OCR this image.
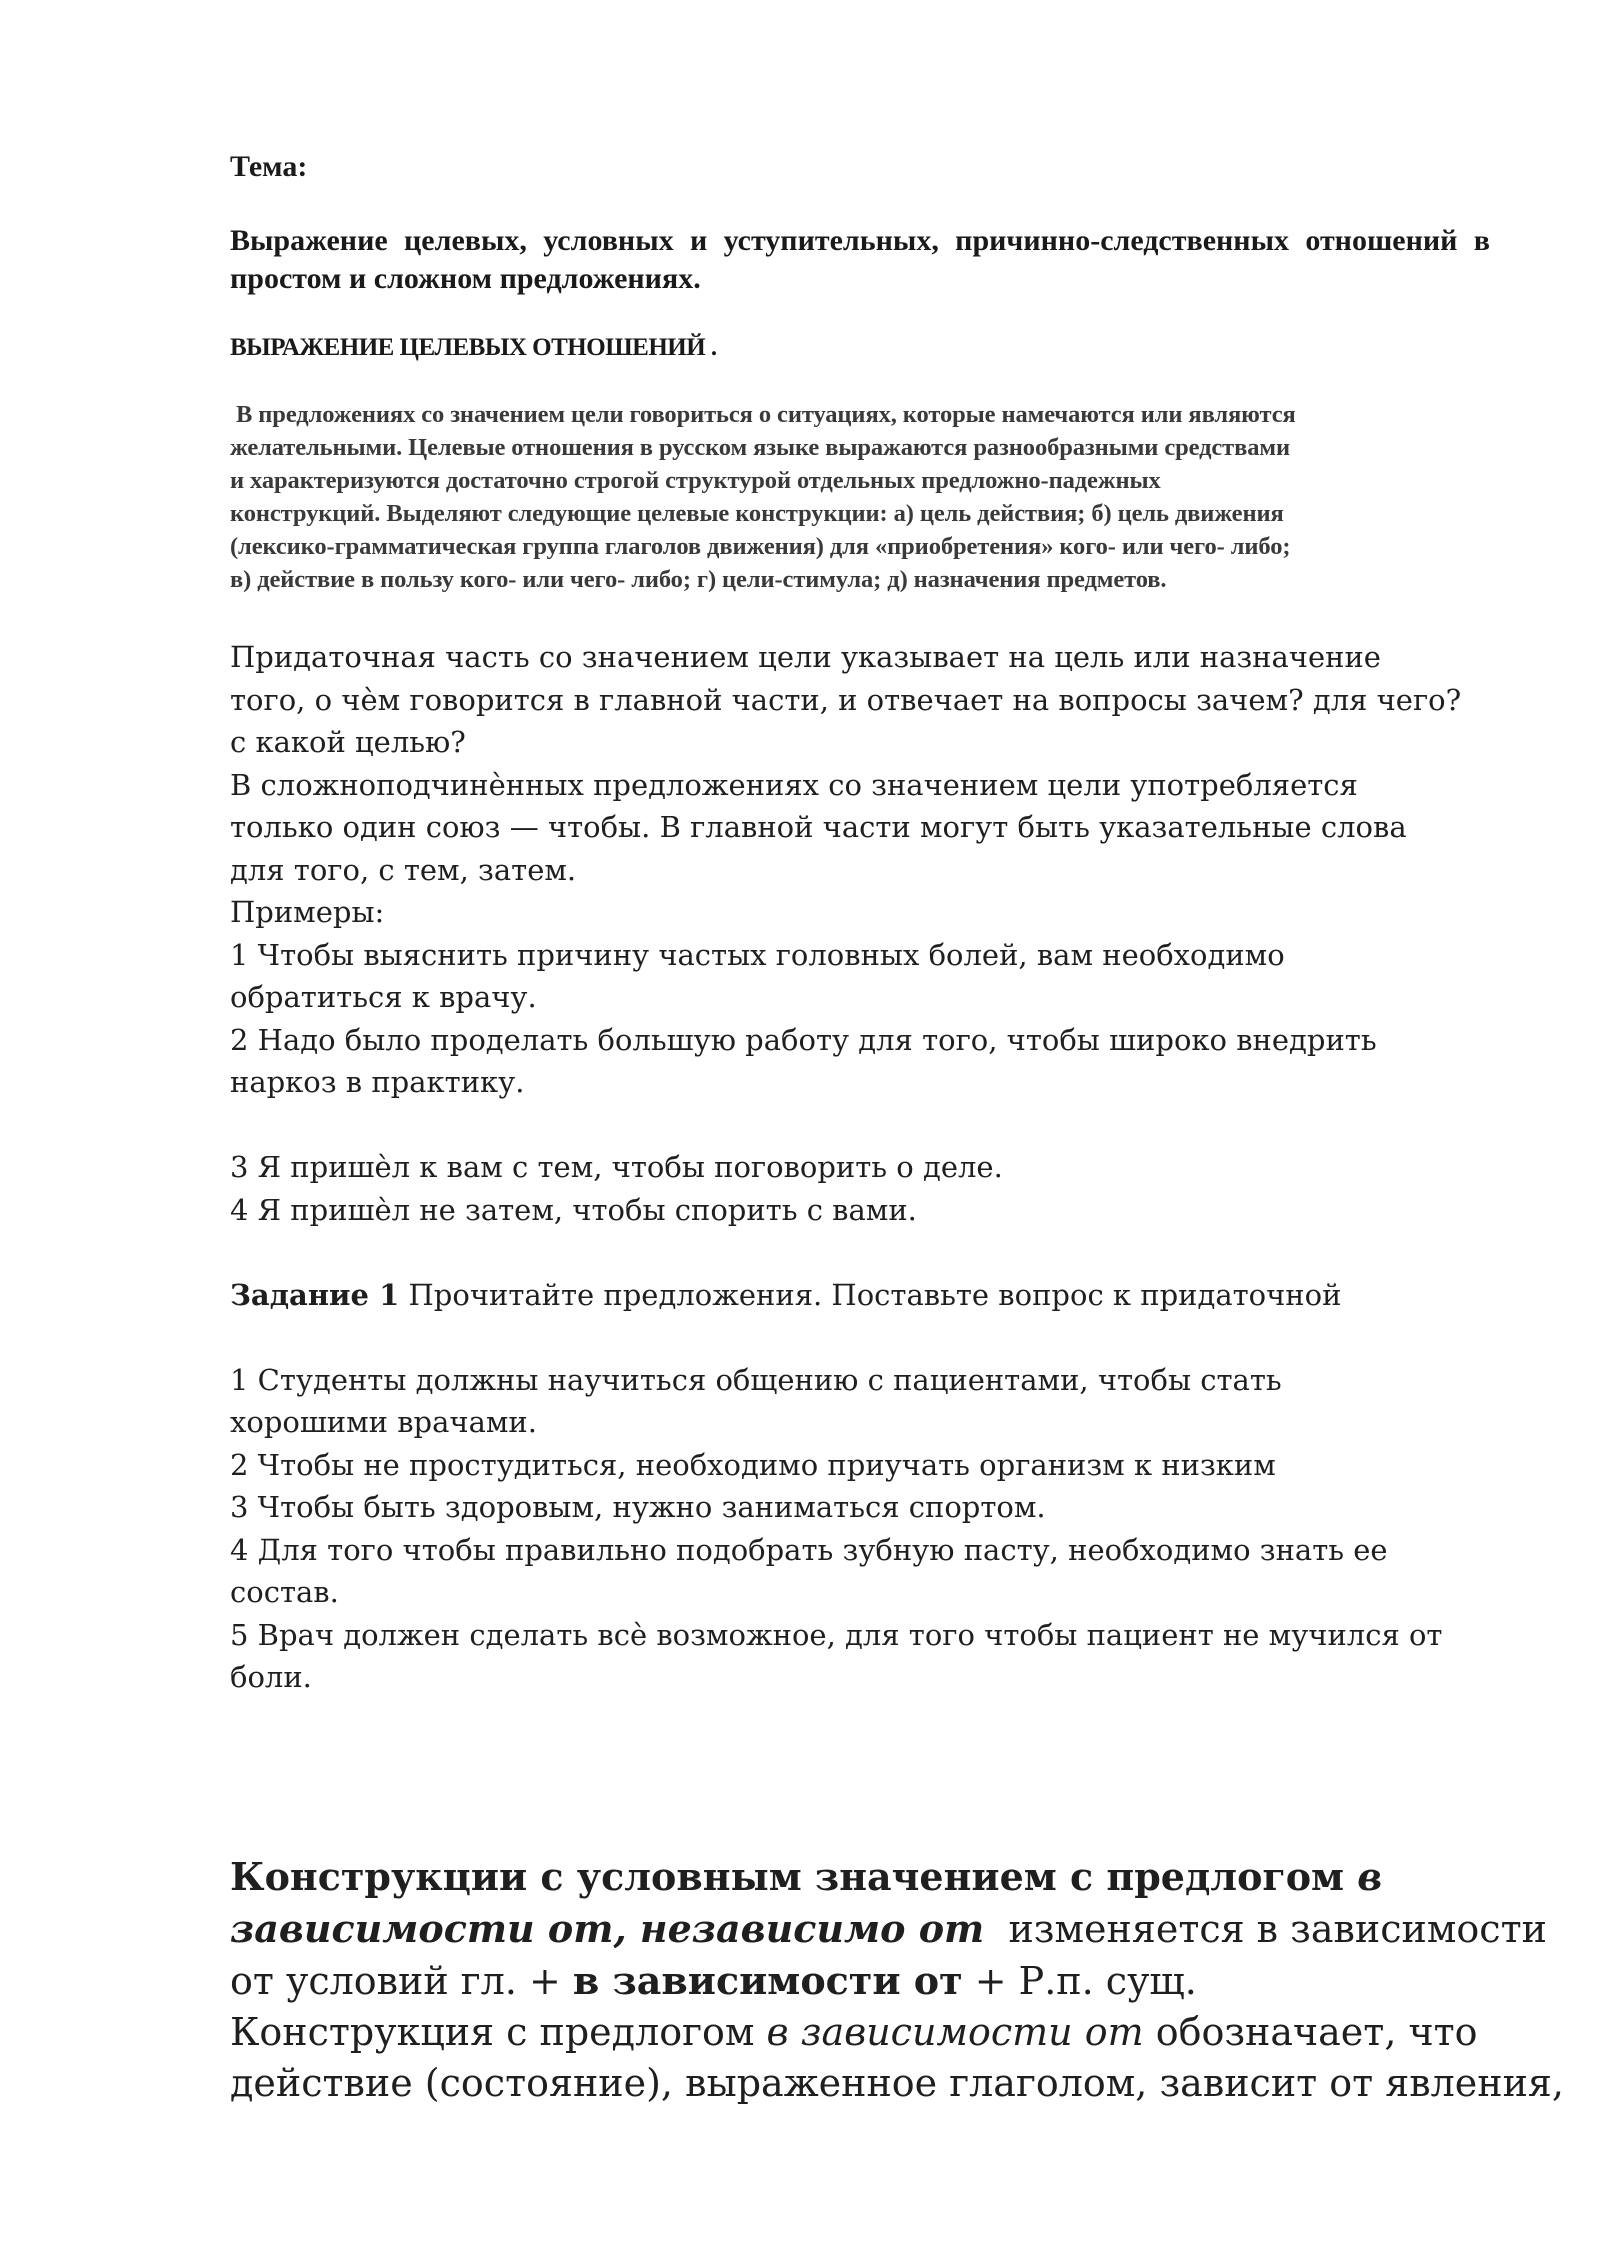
Тема:

Выражение целевых, условных и уступительных, причинно-следственных отношений в простом и сложном предложениях.

ВЫРАЖЕНИЕ ЦЕЛЕВЫХ ОТНОШЕНИЙ .

В предложениях со значением цели говориться о ситуациях, которые намечаются или являются
желательными. Целевые отношения в русском языке выражаются разнообразными средствами
и характеризуются достаточно строгой структурой отдельных предложно-падежных
конструкций. Выделяют следующие целевые конструкции: а) цель действия; б) цель движения
(лексико-грамматическая группа глаголов движения) для «приобретения» кого- или чего- либо;
в) действие в пользу кого- или чего- либо; г) цели-стимула; д) назначения предметов.
Придаточная часть со значением цели указывает на цель или назначение
того, о чѐм говорится в главной части, и отвечает на вопросы зачем? для чего?
с какой целью?
В сложноподчинѐнных предложениях со значением цели употребляется
только один союз — чтобы. В главной части могут быть указательные слова
для того, с тем, затем.
Примеры:
1 Чтобы выяснить причину частых головных болей, вам необходимо
обратиться к врачу.
2 Надо было проделать большую работу для того, чтобы широко внедрить
наркоз в практику.
3 Я пришѐл к вам с тем, чтобы поговорить о деле.
4 Я пришѐл не затем, чтобы спорить с вами.
Задание 1 Прочитайте предложения. Поставьте вопрос к придаточной
1 Студенты должны научиться общению с пациентами, чтобы стать
хорошими врачами.
2 Чтобы не простудиться, необходимо приучать организм к низким
3 Чтобы быть здоровым, нужно заниматься спортом.
4 Для того чтобы правильно подобрать зубную пасту, необходимо знать ее
состав.
5 Врач должен сделать всѐ возможное, для того чтобы пациент не мучился от
боли.
Конструкции с условным значением с предлогом в
зависимости от, независимо от  изменяется в зависимости
от условий гл. + в зависимости от + Р.п. сущ.
Конструкция с предлогом в зависимости от обозначает, что
действие (состояние), выраженное глаголом, зависит от явления,
